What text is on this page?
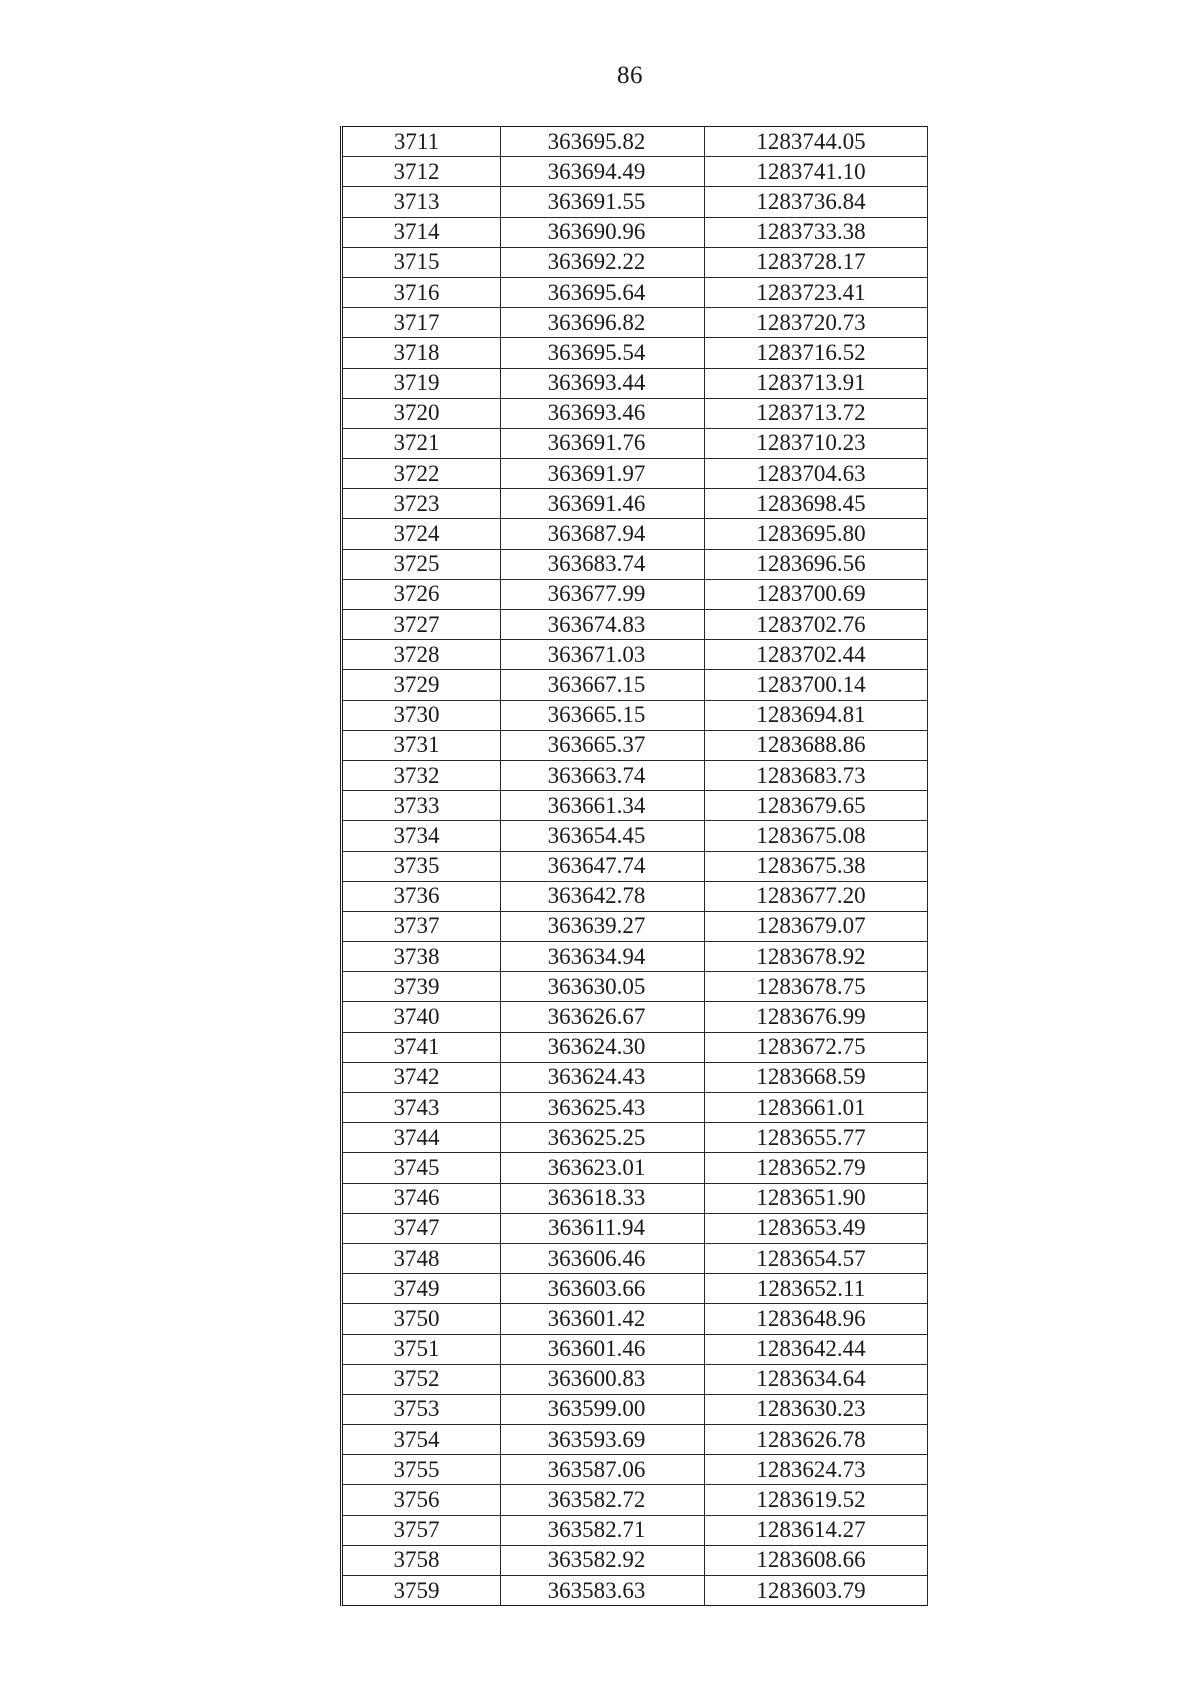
86
3711	363695.82	1283744.05
3712	363694.49	1283741.10
3713	363691.55	1283736.84
3714	363690.96	1283733.38
3715	363692.22	1283728.17
3716	363695.64	1283723.41
3717	363696.82	1283720.73
3718	363695.54	1283716.52
3719	363693.44	1283713.91
3720	363693.46	1283713.72
3721	363691.76	1283710.23
3722	363691.97	1283704.63
3723	363691.46	1283698.45
3724	363687.94	1283695.80
3725	363683.74	1283696.56
3726	363677.99	1283700.69
3727	363674.83	1283702.76
3728	363671.03	1283702.44
3729	363667.15	1283700.14
3730	363665.15	1283694.81
3731	363665.37	1283688.86
3732	363663.74	1283683.73
3733	363661.34	1283679.65
3734	363654.45	1283675.08
3735	363647.74	1283675.38
3736	363642.78	1283677.20
3737	363639.27	1283679.07
3738	363634.94	1283678.92
3739	363630.05	1283678.75
3740	363626.67	1283676.99
3741	363624.30	1283672.75
3742	363624.43	1283668.59
3743	363625.43	1283661.01
3744	363625.25	1283655.77
3745	363623.01	1283652.79
3746	363618.33	1283651.90
3747	363611.94	1283653.49
3748	363606.46	1283654.57
3749	363603.66	1283652.11
3750	363601.42	1283648.96
3751	363601.46	1283642.44
3752	363600.83	1283634.64
3753	363599.00	1283630.23
3754	363593.69	1283626.78
3755	363587.06	1283624.73
3756	363582.72	1283619.52
3757	363582.71	1283614.27
3758	363582.92	1283608.66
3759	363583.63	1283603.79
